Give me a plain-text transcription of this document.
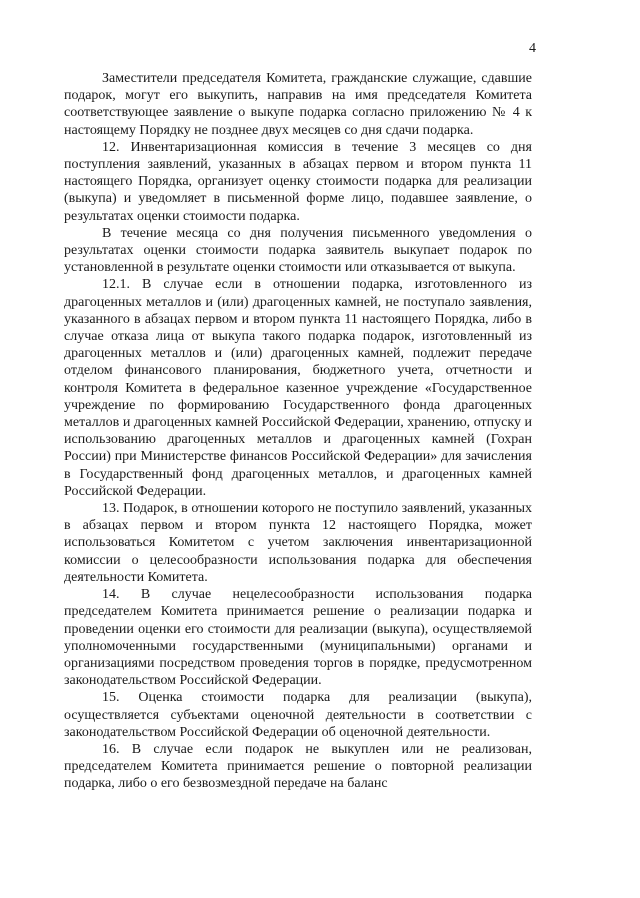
4

Заместители председателя Комитета, гражданские служащие, сдавшие подарок, могут его выкупить, направив на имя председателя Комитета соответствующее заявление о выкупе подарка согласно приложению № 4 к настоящему Порядку не позднее двух месяцев со дня сдачи подарка.

12. Инвентаризационная комиссия в течение 3 месяцев со дня поступления заявлений, указанных в абзацах первом и втором пункта 11 настоящего Порядка, организует оценку стоимости подарка для реализации (выкупа) и уведомляет в письменной форме лицо, подавшее заявление, о результатах оценки стоимости подарка.

В течение месяца со дня получения письменного уведомления о результатах оценки стоимости подарка заявитель выкупает подарок по установленной в результате оценки стоимости или отказывается от выкупа.

12.1. В случае если в отношении подарка, изготовленного из драгоценных металлов и (или) драгоценных камней, не поступало заявления, указанного в абзацах первом и втором пункта 11 настоящего Порядка, либо в случае отказа лица от выкупа такого подарка подарок, изготовленный из драгоценных металлов и (или) драгоценных камней, подлежит передаче отделом финансового планирования, бюджетного учета, отчетности и контроля Комитета в федеральное казенное учреждение «Государственное учреждение по формированию Государственного фонда драгоценных металлов и драгоценных камней Российской Федерации, хранению, отпуску и использованию драгоценных металлов и драгоценных камней (Гохран России) при Министерстве финансов Российской Федерации» для зачисления в Государственный фонд драгоценных металлов, и драгоценных камней Российской Федерации.

13. Подарок, в отношении которого не поступило заявлений, указанных в абзацах первом и втором пункта 12 настоящего Порядка, может использоваться Комитетом с учетом заключения инвентаризационной комиссии о целесообразности использования подарка для обеспечения деятельности Комитета.

14. В случае нецелесообразности использования подарка председателем Комитета принимается решение о реализации подарка и проведении оценки его стоимости для реализации (выкупа), осуществляемой уполномоченными государственными (муниципальными) органами и организациями посредством проведения торгов в порядке, предусмотренном законодательством Российской Федерации.

15. Оценка стоимости подарка для реализации (выкупа), осуществляется субъектами оценочной деятельности в соответствии с законодательством Российской Федерации об оценочной деятельности.

16. В случае если подарок не выкуплен или не реализован, председателем Комитета принимается решение о повторной реализации подарка, либо о его безвозмездной передаче на баланс
